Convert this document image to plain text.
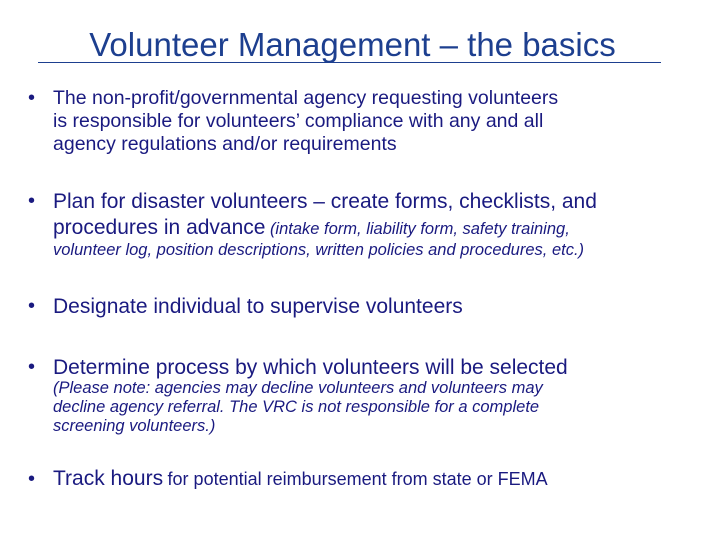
Volunteer Management – the basics
• The non-profit/governmental agency requesting volunteers
is responsible for volunteers’ compliance with any and all
agency regulations and/or requirements
• Plan for disaster volunteers – create forms, checklists, and
procedures in advance (intake form, liability form, safety training,
volunteer log, position descriptions, written policies and procedures, etc.)
• Designate individual to supervise volunteers
• Determine process by which volunteers will be selected
(Please note: agencies may decline volunteers and volunteers may
decline agency referral. The VRC is not responsible for a complete
screening volunteers.)
• Track hours for potential reimbursement from state or FEMA
